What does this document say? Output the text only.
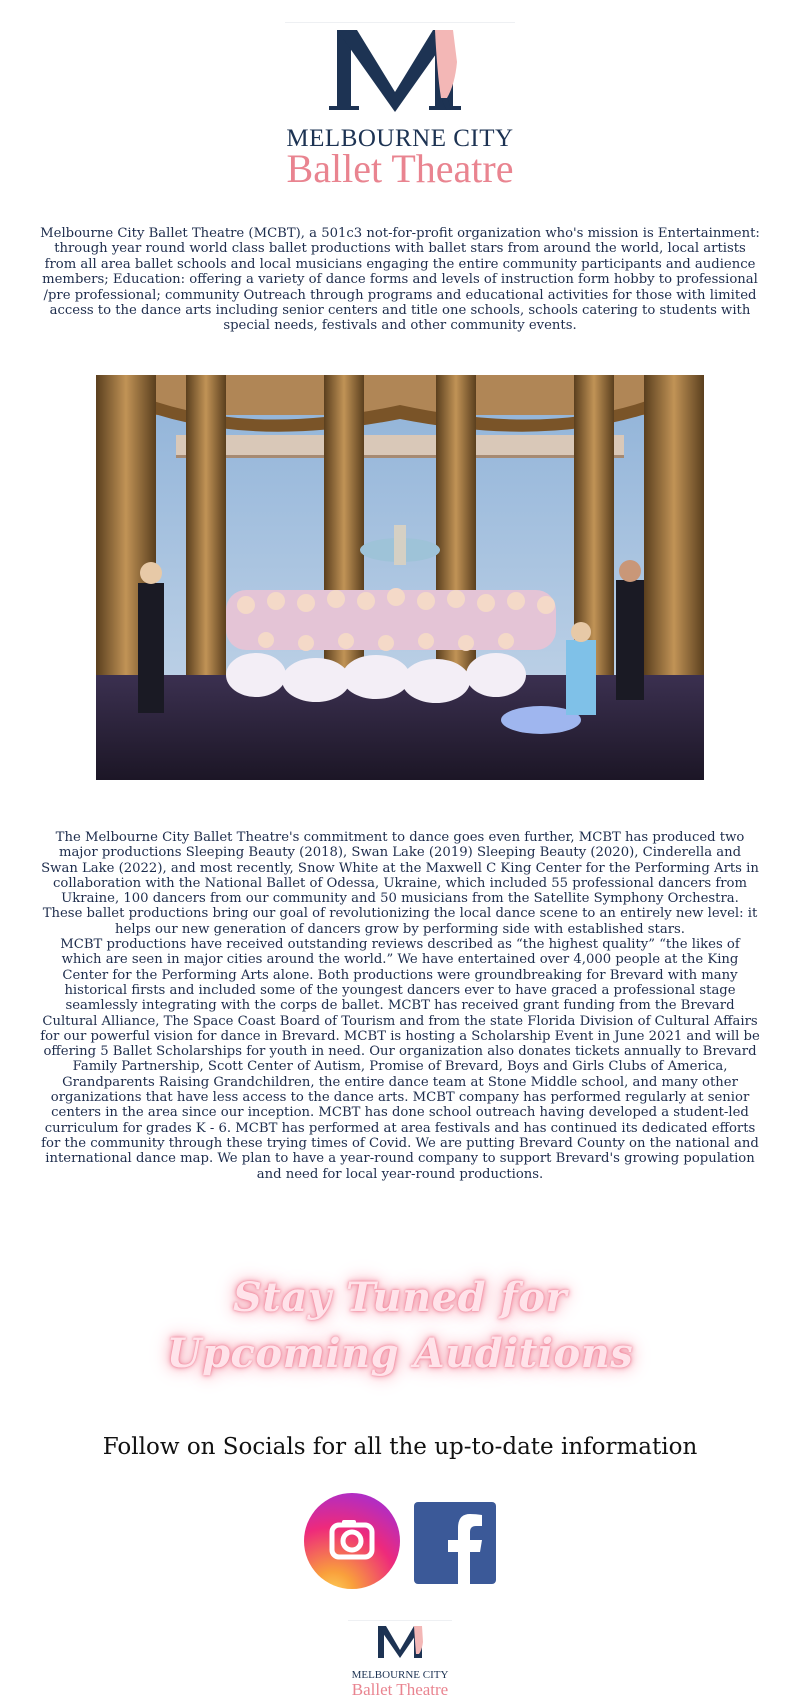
MELBOURNE CITY
Ballet Theatre
Melbourne City Ballet Theatre (MCBT), a 501c3 not-for-profit organization who's mission is Entertainment: through year round world class ballet productions with ballet stars from around the world, local artists from all area ballet schools and local musicians engaging the entire community participants and audience members; Education: offering a variety of dance forms and levels of instruction form hobby to professional /pre professional; community Outreach through programs and educational activities for those with limited access to the dance arts including senior centers and title one schools, schools catering to students with special needs, festivals and other community events.

The Melbourne City Ballet Theatre's commitment to dance goes even further, MCBT has produced two major productions Sleeping Beauty (2018), Swan Lake (2019) Sleeping Beauty (2020), Cinderella and Swan Lake (2022), and most recently, Snow White at the Maxwell C King Center for the Performing Arts in collaboration with the National Ballet of Odessa, Ukraine, which included 55 professional dancers from Ukraine, 100 dancers from our community and 50 musicians from the Satellite Symphony Orchestra. These ballet productions bring our goal of revolutionizing the local dance scene to an entirely new level: it helps our new generation of dancers grow by performing side with established stars.

MCBT productions have received outstanding reviews described as “the highest quality” “the likes of which are seen in major cities around the world.” We have entertained over 4,000 people at the King Center for the Performing Arts alone. Both productions were groundbreaking for Brevard with many historical firsts and included some of the youngest dancers ever to have graced a professional stage seamlessly integrating with the corps de ballet. MCBT has received grant funding from the Brevard Cultural Alliance, The Space Coast Board of Tourism and from the state Florida Division of Cultural Affairs for our powerful vision for dance in Brevard. MCBT is hosting a Scholarship Event in June 2021 and will be offering 5 Ballet Scholarships for youth in need. Our organization also donates tickets annually to Brevard Family Partnership, Scott Center of Autism, Promise of Brevard, Boys and Girls Clubs of America, Grandparents Raising Grandchildren, the entire dance team at Stone Middle school, and many other organizations that have less access to the dance arts. MCBT company has performed regularly at senior centers in the area since our inception. MCBT has done school outreach having developed a student-led curriculum for grades K - 6. MCBT has performed at area festivals and has continued its dedicated efforts for the community through these trying times of Covid. We are putting Brevard County on the national and international dance map. We plan to have a year-round company to support Brevard's growing population and need for local year-round productions.

Stay Tuned for
Upcoming Auditions
Follow on Socials for all the up-to-date information
MELBOURNE CITY
Ballet Theatre
